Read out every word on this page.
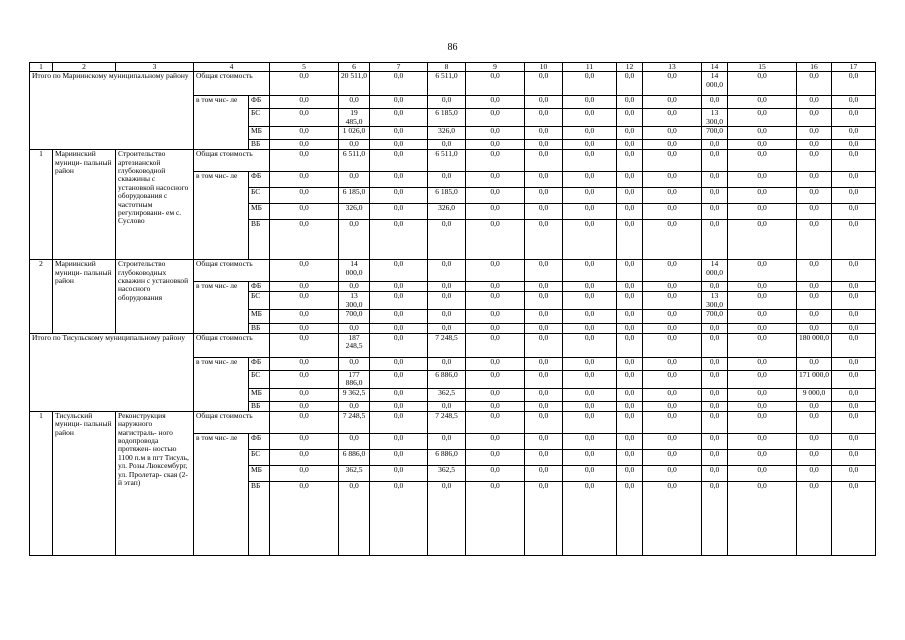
86
1	2	3	4		5	6	7	8	9	10	11	12	13	14	15	16	17	
Итого по Мариинскому муниципальному району			Общая стоимость		0,0	20 511,0	0,0	6 511,0	0,0	0,0	0,0	0,0	0,0	14 000,0	0,0	0,0	0,0	
			в том чис- ле	ФБ	0,0	0,0	0,0	0,0	0,0	0,0	0,0	0,0	0,0	0,0	0,0	0,0	0,0	
				БС	0,0	19 485,0	0,0	6 185,0	0,0	0,0	0,0	0,0	0,0	13 300,0	0,0	0,0	0,0	
				МБ	0,0	1 026,0	0,0	326,0	0,0	0,0	0,0	0,0	0,0	700,0	0,0	0,0	0,0	
				ВБ	0,0	0,0	0,0	0,0	0,0	0,0	0,0	0,0	0,0	0,0	0,0	0,0	0,0	
1	Мариинский муници- пальный район	Строительство артезианской глубоководной скважины с установкой насосного оборудования с частотным регулировани- ем с. Суслово	Общая стоимость		0,0	6 511,0	0,0	6 511,0	0,0	0,0	0,0	0,0	0,0	0,0	0,0	0,0	0,0	
			в том чис- ле	ФБ	0,0	0,0	0,0	0,0	0,0	0,0	0,0	0,0	0,0	0,0	0,0	0,0	0,0	
				БС	0,0	6 185,0	0,0	6 185,0	0,0	0,0	0,0	0,0	0,0	0,0	0,0	0,0	0,0	
				МБ	0,0	326,0	0,0	326,0	0,0	0,0	0,0	0,0	0,0	0,0	0,0	0,0	0,0	
				ВБ	0,0	0,0	0,0	0,0	0,0	0,0	0,0	0,0	0,0	0,0	0,0	0,0	0,0	
2	Мариинский муници- пальный район	Строительство глубоководных скважин с установкой насосного оборудования	Общая стоимость		0,0	14 000,0	0,0	0,0	0,0	0,0	0,0	0,0	0,0	14 000,0	0,0	0,0	0,0	
			в том чис- ле	ФБ	0,0	0,0	0,0	0,0	0,0	0,0	0,0	0,0	0,0	0,0	0,0	0,0	0,0	
				БС	0,0	13 300,0	0,0	0,0	0,0	0,0	0,0	0,0	0,0	13 300,0	0,0	0,0	0,0	
				МБ	0,0	700,0	0,0	0,0	0,0	0,0	0,0	0,0	0,0	700,0	0,0	0,0	0,0	
				ВБ	0,0	0,0	0,0	0,0	0,0	0,0	0,0	0,0	0,0	0,0	0,0	0,0	0,0	
Итого по Тисульскому муниципальному району			Общая стоимость		0,0	187 248,5	0,0	7 248,5	0,0	0,0	0,0	0,0	0,0	0,0	0,0	180 000,0	0,0	
			в том чис- ле	ФБ	0,0	0,0	0,0	0,0	0,0	0,0	0,0	0,0	0,0	0,0	0,0	0,0	0,0	
				БС	0,0	177 886,0	0,0	6 886,0	0,0	0,0	0,0	0,0	0,0	0,0	0,0	171 000,0	0,0	
				МБ	0,0	9 362,5	0,0	362,5	0,0	0,0	0,0	0,0	0,0	0,0	0,0	9 000,0	0,0	
				ВБ	0,0	0,0	0,0	0,0	0,0	0,0	0,0	0,0	0,0	0,0	0,0	0,0	0,0	
1	Тисульский муници- пальный район	Реконструкция наружного магистраль- ного водопровода протяжен- ностью 1100 п.м в пгт Тисуль, ул. Розы Люксембург, ул. Пролетар- ская (2-й этап)	Общая стоимость		0,0	7 248,5	0,0	7 248,5	0,0	0,0	0,0	0,0	0,0	0,0	0,0	0,0	0,0	
			в том чис- ле	ФБ	0,0	0,0	0,0	0,0	0,0	0,0	0,0	0,0	0,0	0,0	0,0	0,0	0,0	
				БС	0,0	6 886,0	0,0	6 886,0	0,0	0,0	0,0	0,0	0,0	0,0	0,0	0,0	0,0	
				МБ	0,0	362,5	0,0	362,5	0,0	0,0	0,0	0,0	0,0	0,0	0,0	0,0	0,0	
				ВБ	0,0	0,0	0,0	0,0	0,0	0,0	0,0	0,0	0,0	0,0	0,0	0,0	0,0	
